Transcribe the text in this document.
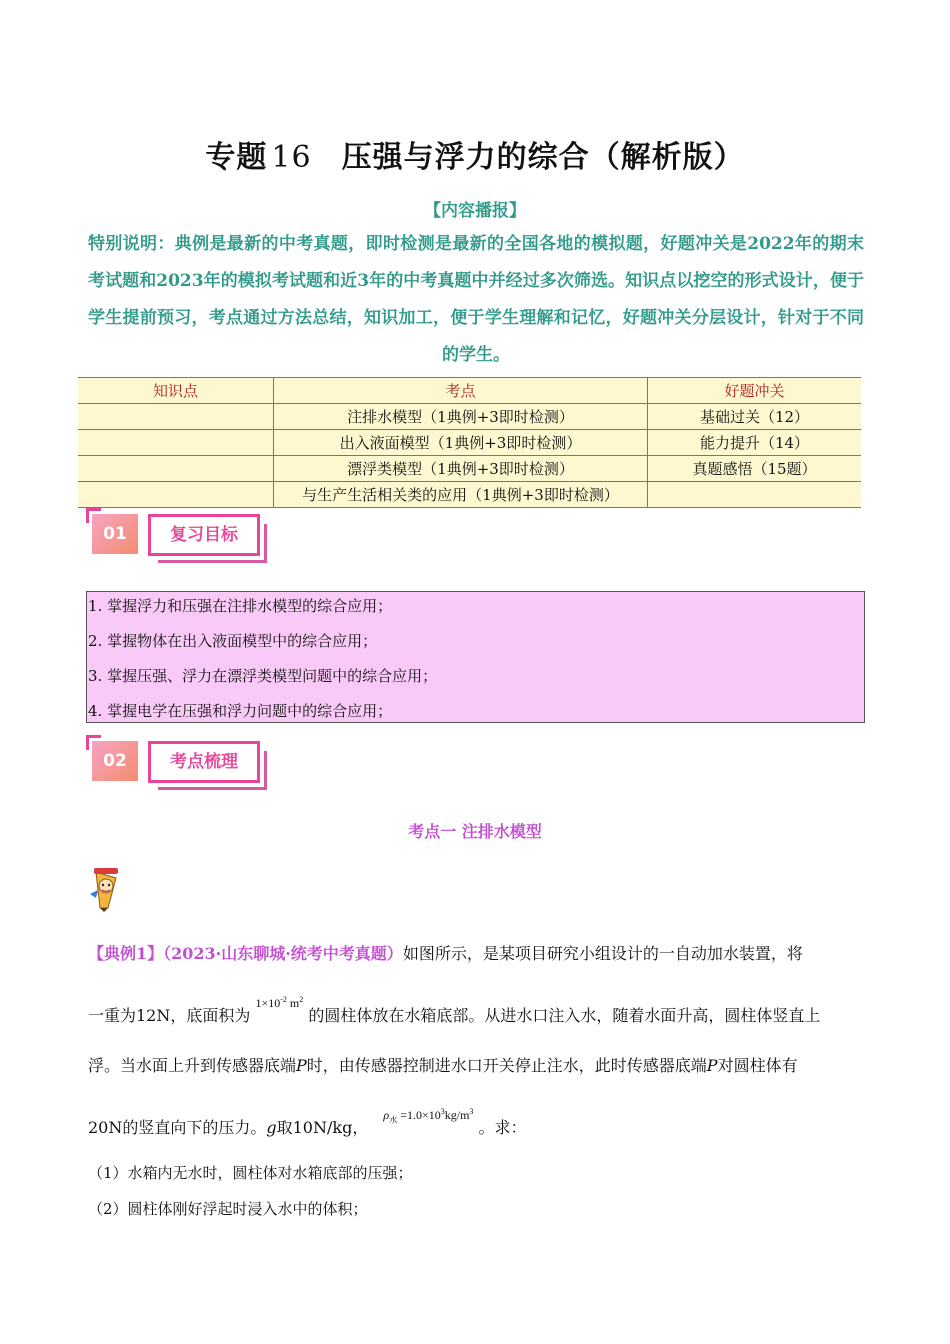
专题 16 压强与浮力的综合（解析版）
【内容播报】
特别说明：典例是最新的中考真题，即时检测是最新的全国各地的模拟题，好题冲关是2022年的期末考试题和2023年的模拟考试题和近3年的中考真题中并经过多次筛选。知识点以挖空的形式设计，便于学生提前预习，考点通过方法总结，知识加工，便于学生理解和记忆，好题冲关分层设计，针对于不同的学生。
知识点	考点	好题冲关
	注排水模型（1典例+3即时检测）	基础过关（12）
	出入液面模型（1典例+3即时检测）	能力提升（14）
	漂浮类模型（1典例+3即时检测）	真题感悟（15题）
	与生产生活相关类的应用（1典例+3即时检测）	
01	复习目标
1. 掌握浮力和压强在注排水模型的综合应用；
2. 掌握物体在出入液面模型中的综合应用；
3. 掌握压强、浮力在漂浮类模型问题中的综合应用；
4. 掌握电学在压强和浮力问题中的综合应用；
02	考点梳理
考点一 注排水模型
【典例1】（2023·山东聊城·统考中考真题）如图所示，是某项目研究小组设计的一自动加水装置，将
一重为12N，底面积为 $^{1\times 10^{-2} m^2}$ 的圆柱体放在水箱底部。从进水口注入水，随着水面升高，圆柱体竖直上
浮。当水面上升到传感器底端P时，由传感器控制进水口开关停止注水，此时传感器底端P对圆柱体有
20N的竖直向下的压力。g取10N/kg， $^{\rho_水 =1.0\times 10^3kg/m^3}$ 。求：
（1）水箱内无水时，圆柱体对水箱底部的压强；
（2）圆柱体刚好浮起时浸入水中的体积；
